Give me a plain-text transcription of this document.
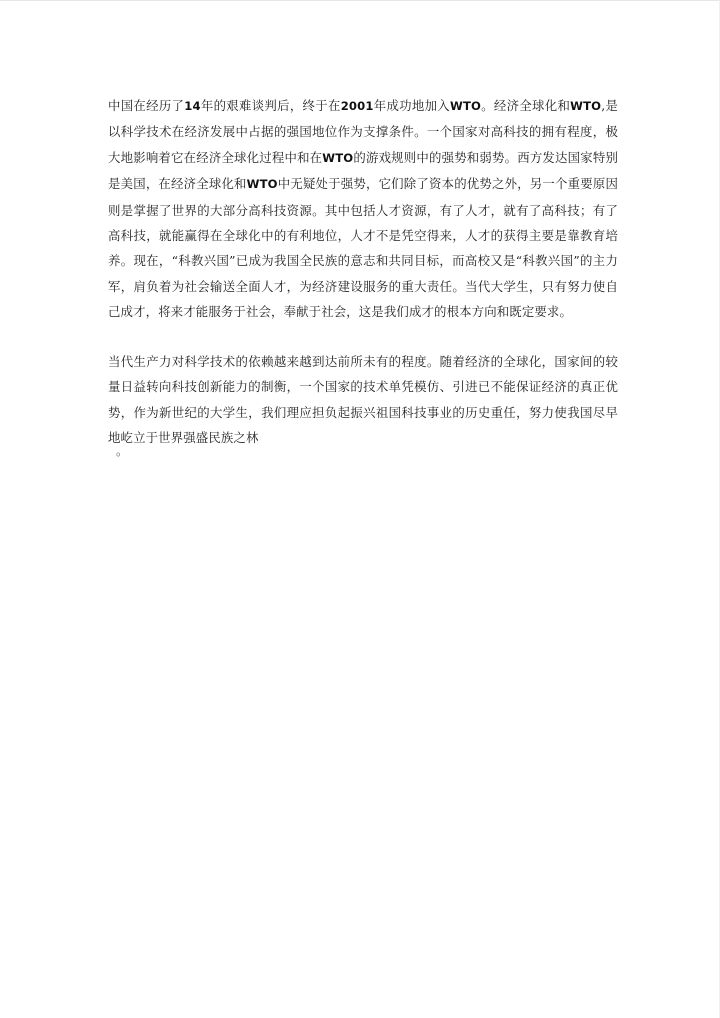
中国在经历了14年的艰难谈判后，终于在2001年成功地加入WTO。经济全球化和WTO,是以科学技术在经济发展中占据的强国地位作为支撑条件。一个国家对高科技的拥有程度，极大地影响着它在经济全球化过程中和在WTO的游戏规则中的强势和弱势。西方发达国家特别是美国，在经济全球化和WTO中无疑处于强势，它们除了资本的优势之外，另一个重要原因则是掌握了世界的大部分高科技资源。其中包括人才资源，有了人才，就有了高科技；有了高科技，就能赢得在全球化中的有利地位，人才不是凭空得来，人才的获得主要是靠教育培养。现在，“科教兴国”已成为我国全民族的意志和共同目标，而高校又是“科教兴国”的主力军，肩负着为社会输送全面人才，为经济建设服务的重大责任。当代大学生，只有努力使自己成才，将来才能服务于社会，奉献于社会，这是我们成才的根本方向和既定要求。

当代生产力对科学技术的依赖越来越到达前所未有的程度。随着经济的全球化，国家间的较量日益转向科技创新能力的制衡，一个国家的技术单凭模仿、引进已不能保证经济的真正优势，作为新世纪的大学生，我们理应担负起振兴祖国科技事业的历史重任，努力使我国尽早地屹立于世界强盛民族之林

。
